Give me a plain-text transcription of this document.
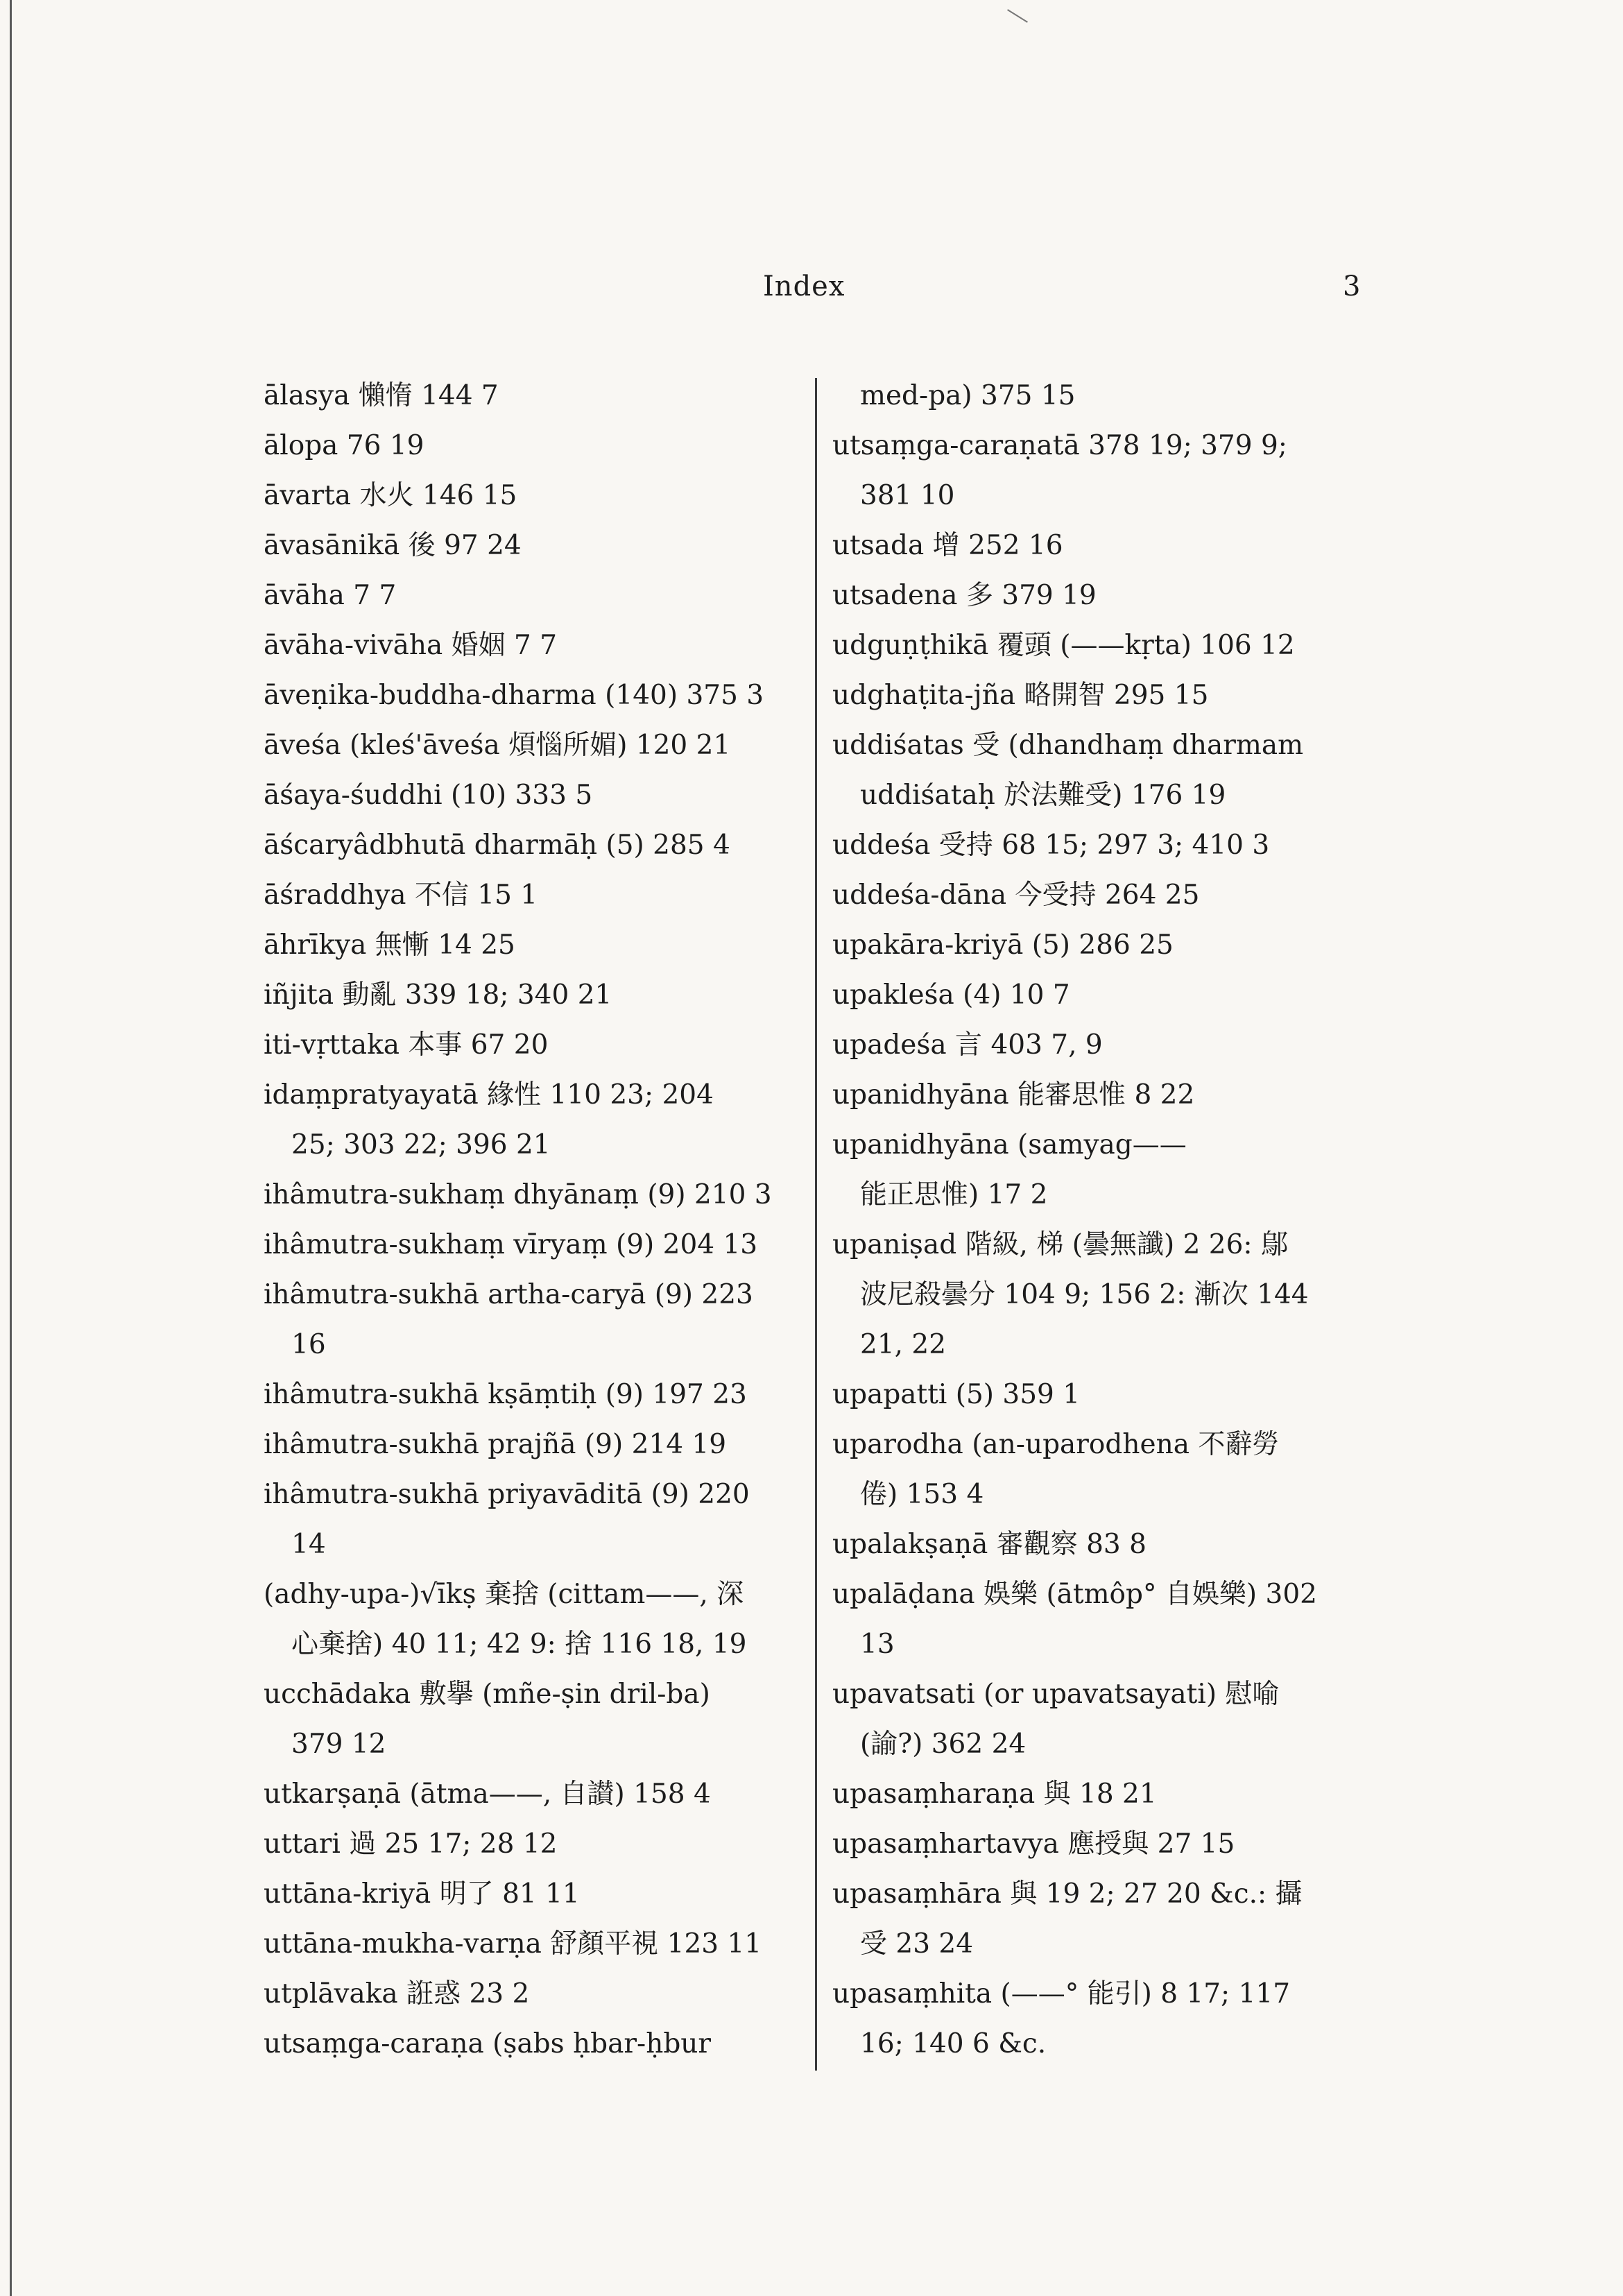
Index	3
ālasya 懶惰 144 7
ālopa 76 19
āvarta 水火 146 15
āvasānikā 後 97 24
āvāha 7 7
āvāha-vivāha 婚姻 7 7
āveṇika-buddha-dharma (140) 375 3
āveśa (kleś'āveśa 煩惱所媚) 120 21
āśaya-śuddhi (10) 333 5
āścaryâdbhutā dharmāḥ (5) 285 4
āśraddhya 不信 15 1
āhrīkya 無慚 14 25
iñjita 動亂 339 18; 340 21
iti-vṛttaka 本事 67 20
idaṃpratyayatā 緣性 110 23; 204
25; 303 22; 396 21
ihâmutra-sukhaṃ dhyānaṃ (9) 210 3
ihâmutra-sukhaṃ vīryaṃ (9) 204 13
ihâmutra-sukhā artha-caryā (9) 223
16
ihâmutra-sukhā kṣāṃtiḥ (9) 197 23
ihâmutra-sukhā prajñā (9) 214 19
ihâmutra-sukhā priyavāditā (9) 220
14
(adhy-upa-)√īkṣ 棄捨 (cittam——, 深
心棄捨) 40 11; 42 9: 捨 116 18, 19
ucchādaka 敷擧 (mñe-ṣin dril-ba)
379 12
utkarṣaṇā (ātma——, 自讃) 158 4
uttari 過 25 17; 28 12
uttāna-kriyā 明了 81 11
uttāna-mukha-varṇa 舒顏平視 123 11
utplāvaka 誑惑 23 2
utsaṃga-caraṇa (ṣabs ḥbar-ḥbur
med-pa) 375 15
utsaṃga-caraṇatā 378 19; 379 9;
381 10
utsada 增 252 16
utsadena 多 379 19
udguṇṭhikā 覆頭 (——kṛta) 106 12
udghaṭita-jña 略開智 295 15
uddiśatas 受 (dhandhaṃ dharmam
uddiśataḥ 於法難受) 176 19
uddeśa 受持 68 15; 297 3; 410 3
uddeśa-dāna 今受持 264 25
upakāra-kriyā (5) 286 25
upakleśa (4) 10 7
upadeśa 言 403 7, 9
upanidhyāna 能審思惟 8 22
upanidhyāna (samyag——
能正思惟) 17 2
upaniṣad 階級, 梯 (曇無讖) 2 26: 鄔
波尼殺曇分 104 9; 156 2: 漸次 144
21, 22
upapatti (5) 359 1
uparodha (an-uparodhena 不辭勞
倦) 153 4
upalakṣaṇā 審觀察 83 8
upalāḍana 娛樂 (ātmôp° 自娛樂) 302
13
upavatsati (or upavatsayati) 慰喻
(諭?) 362 24
upasaṃharaṇa 與 18 21
upasaṃhartavya 應授與 27 15
upasaṃhāra 與 19 2; 27 20 &c.: 攝
受 23 24
upasaṃhita (——° 能引) 8 17; 117
16; 140 6 &c.
